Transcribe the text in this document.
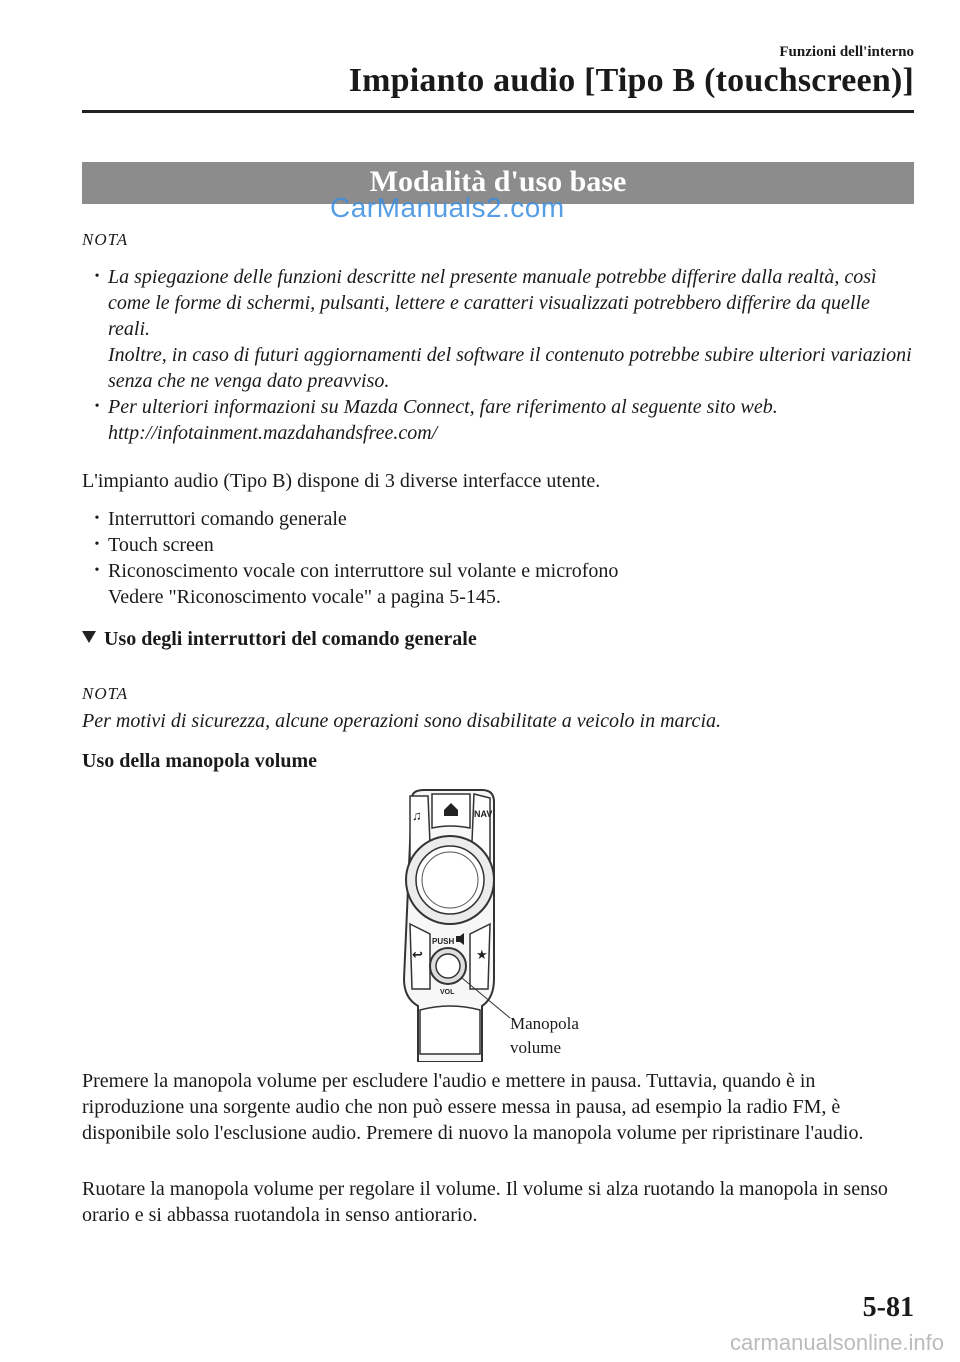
Funzioni dell'interno
Impianto audio [Tipo B (touchscreen)]
Modalità d'uso base
CarManuals2.com
NOTA
• La spiegazione delle funzioni descritte nel presente manuale potrebbe differire dalla realtà, così come le forme di schermi, pulsanti, lettere e caratteri visualizzati potrebbero differire da quelle reali.
Inoltre, in caso di futuri aggiornamenti del software il contenuto potrebbe subire ulteriori variazioni senza che ne venga dato preavviso.
• Per ulteriori informazioni su Mazda Connect, fare riferimento al seguente sito web.
http://infotainment.mazdahandsfree.com/
L'impianto audio (Tipo B) dispone di 3 diverse interfacce utente.
• Interruttori comando generale
• Touch screen
• Riconoscimento vocale con interruttore sul volante e microfono
Vedere "Riconoscimento vocale" a pagina 5-145.
Uso degli interruttori del comando generale
NOTA
Per motivi di sicurezza, alcune operazioni sono disabilitate a veicolo in marcia.
Uso della manopola volume
♫	NAV
↩	★
PUSH
VOL
Manopola
volume
Premere la manopola volume per escludere l'audio e mettere in pausa. Tuttavia, quando è in riproduzione una sorgente audio che non può essere messa in pausa, ad esempio la radio FM, è disponibile solo l'esclusione audio. Premere di nuovo la manopola volume per ripristinare l'audio.
Ruotare la manopola volume per regolare il volume. Il volume si alza ruotando la manopola in senso orario e si abbassa ruotandola in senso antiorario.
5-81
carmanualsonline.info
